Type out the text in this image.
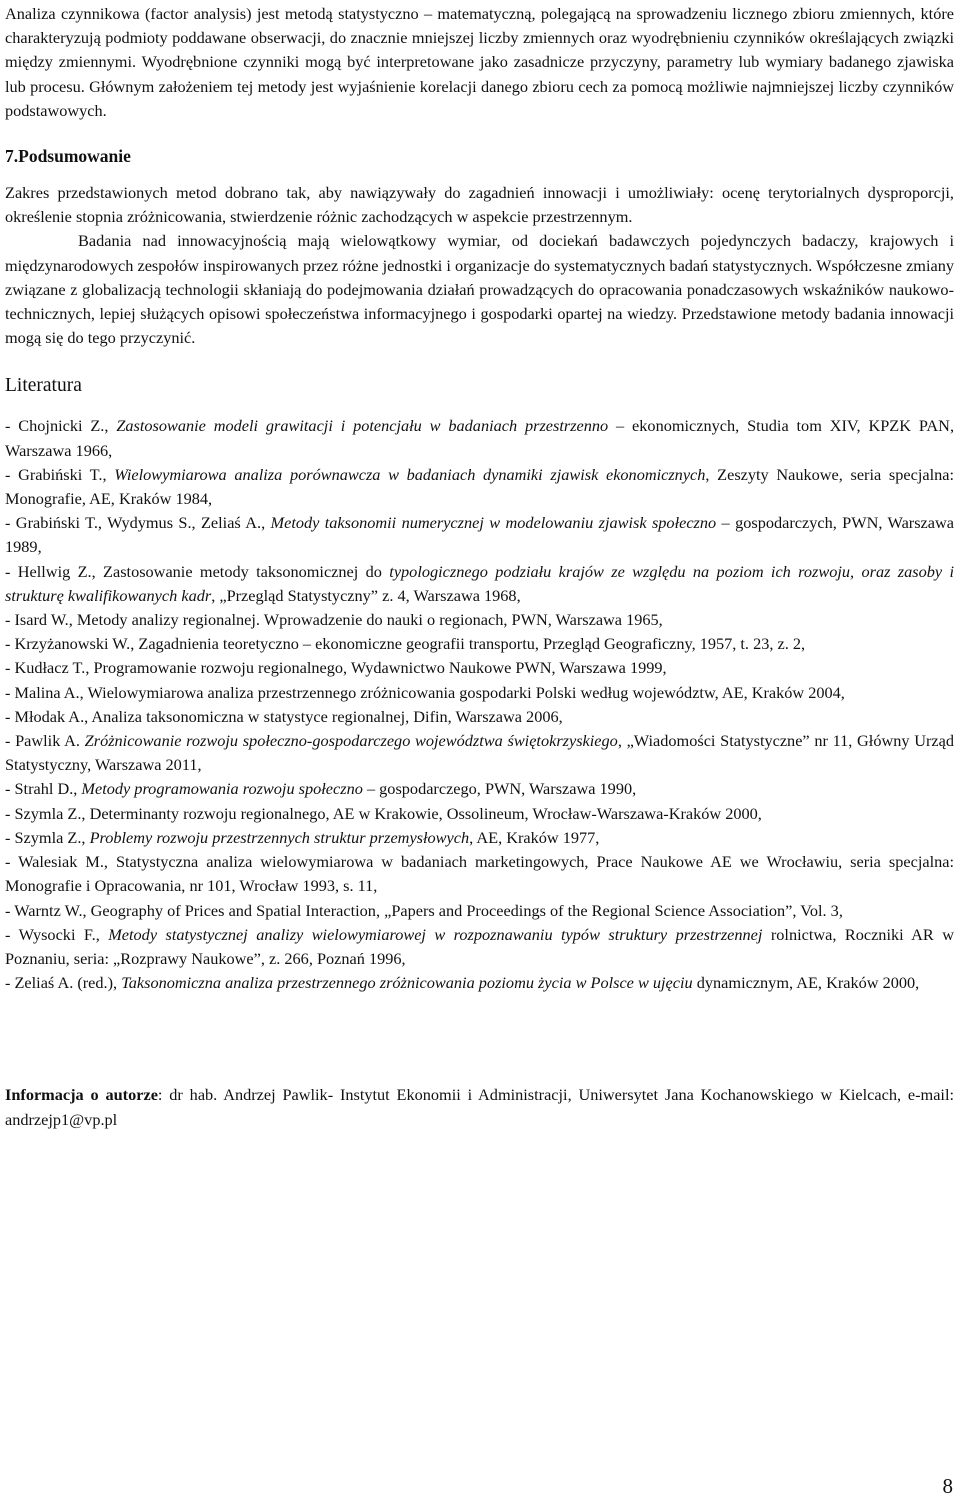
Analiza czynnikowa (factor analysis) jest metodą statystyczno – matematyczną, polegającą na sprowadzeniu licznego zbioru zmiennych, które charakteryzują podmioty poddawane obserwacji, do znacznie mniejszej liczby zmiennych oraz wyodrębnieniu czynników określających związki między zmiennymi. Wyodrębnione czynniki mogą być interpretowane jako zasadnicze przyczyny, parametry lub wymiary badanego zjawiska lub procesu. Głównym założeniem tej metody jest wyjaśnienie korelacji danego zbioru cech za pomocą możliwie najmniejszej liczby czynników podstawowych.

7.Podsumowanie

Zakres przedstawionych metod dobrano tak, aby nawiązywały do zagadnień innowacji i umożliwiały: ocenę terytorialnych dysproporcji, określenie stopnia zróżnicowania, stwierdzenie różnic zachodzących w aspekcie przestrzennym.

Badania nad innowacyjnością mają wielowątkowy wymiar, od dociekań badawczych pojedynczych badaczy, krajowych i międzynarodowych zespołów inspirowanych przez różne jednostki i organizacje do systematycznych badań statystycznych. Współczesne zmiany związane z globalizacją technologii skłaniają do podejmowania działań prowadzących do opracowania ponadczasowych wskaźników naukowo-technicznych, lepiej służących opisowi społeczeństwa informacyjnego i gospodarki opartej na wiedzy. Przedstawione metody badania innowacji mogą się do tego przyczynić.

Literatura

- Chojnicki Z., Zastosowanie modeli grawitacji i potencjału w badaniach przestrzenno – ekonomicznych, Studia tom XIV, KPZK PAN, Warszawa 1966,

- Grabiński T., Wielowymiarowa analiza porównawcza w badaniach dynamiki zjawisk ekonomicznych, Zeszyty Naukowe, seria specjalna: Monografie, AE, Kraków 1984,

- Grabiński T., Wydymus S., Zeliaś A., Metody taksonomii numerycznej w modelowaniu zjawisk społeczno – gospodarczych, PWN, Warszawa 1989,

- Hellwig Z., Zastosowanie metody taksonomicznej do typologicznego podziału krajów ze względu na poziom ich rozwoju, oraz zasoby i strukturę kwalifikowanych kadr, „Przegląd Statystyczny” z. 4, Warszawa 1968,

- Isard W., Metody analizy regionalnej. Wprowadzenie do nauki o regionach, PWN, Warszawa 1965,

- Krzyżanowski W., Zagadnienia teoretyczno – ekonomiczne geografii transportu, Przegląd Geograficzny, 1957, t. 23, z. 2,

- Kudłacz T., Programowanie rozwoju regionalnego, Wydawnictwo Naukowe PWN, Warszawa 1999,

- Malina A., Wielowymiarowa analiza przestrzennego zróżnicowania gospodarki Polski według województw, AE, Kraków 2004,

- Młodak A., Analiza taksonomiczna w statystyce regionalnej, Difin, Warszawa 2006,

- Pawlik A. Zróżnicowanie rozwoju społeczno-gospodarczego województwa świętokrzyskiego, „Wiadomości Statystyczne” nr 11, Główny Urząd Statystyczny, Warszawa 2011,

- Strahl D., Metody programowania rozwoju społeczno – gospodarczego, PWN, Warszawa 1990,

- Szymla Z., Determinanty rozwoju regionalnego, AE w Krakowie, Ossolineum, Wrocław-Warszawa-Kraków 2000,

- Szymla Z., Problemy rozwoju przestrzennych struktur przemysłowych, AE, Kraków 1977,

- Walesiak M., Statystyczna analiza wielowymiarowa w badaniach marketingowych, Prace Naukowe AE we Wrocławiu, seria specjalna: Monografie i Opracowania, nr 101, Wrocław 1993, s. 11,

- Warntz W., Geography of Prices and Spatial Interaction, „Papers and Proceedings of the Regional Science Association”, Vol. 3,

- Wysocki F., Metody statystycznej analizy wielowymiarowej w rozpoznawaniu typów struktury przestrzennej rolnictwa, Roczniki AR w Poznaniu, seria: „Rozprawy Naukowe”, z. 266, Poznań 1996,

- Zeliaś A. (red.), Taksonomiczna analiza przestrzennego zróżnicowania poziomu życia w Polsce w ujęciu dynamicznym, AE, Kraków 2000,

Informacja o autorze: dr hab. Andrzej Pawlik- Instytut Ekonomii i Administracji, Uniwersytet Jana Kochanowskiego w Kielcach, e-mail: andrzejp1@vp.pl

8
